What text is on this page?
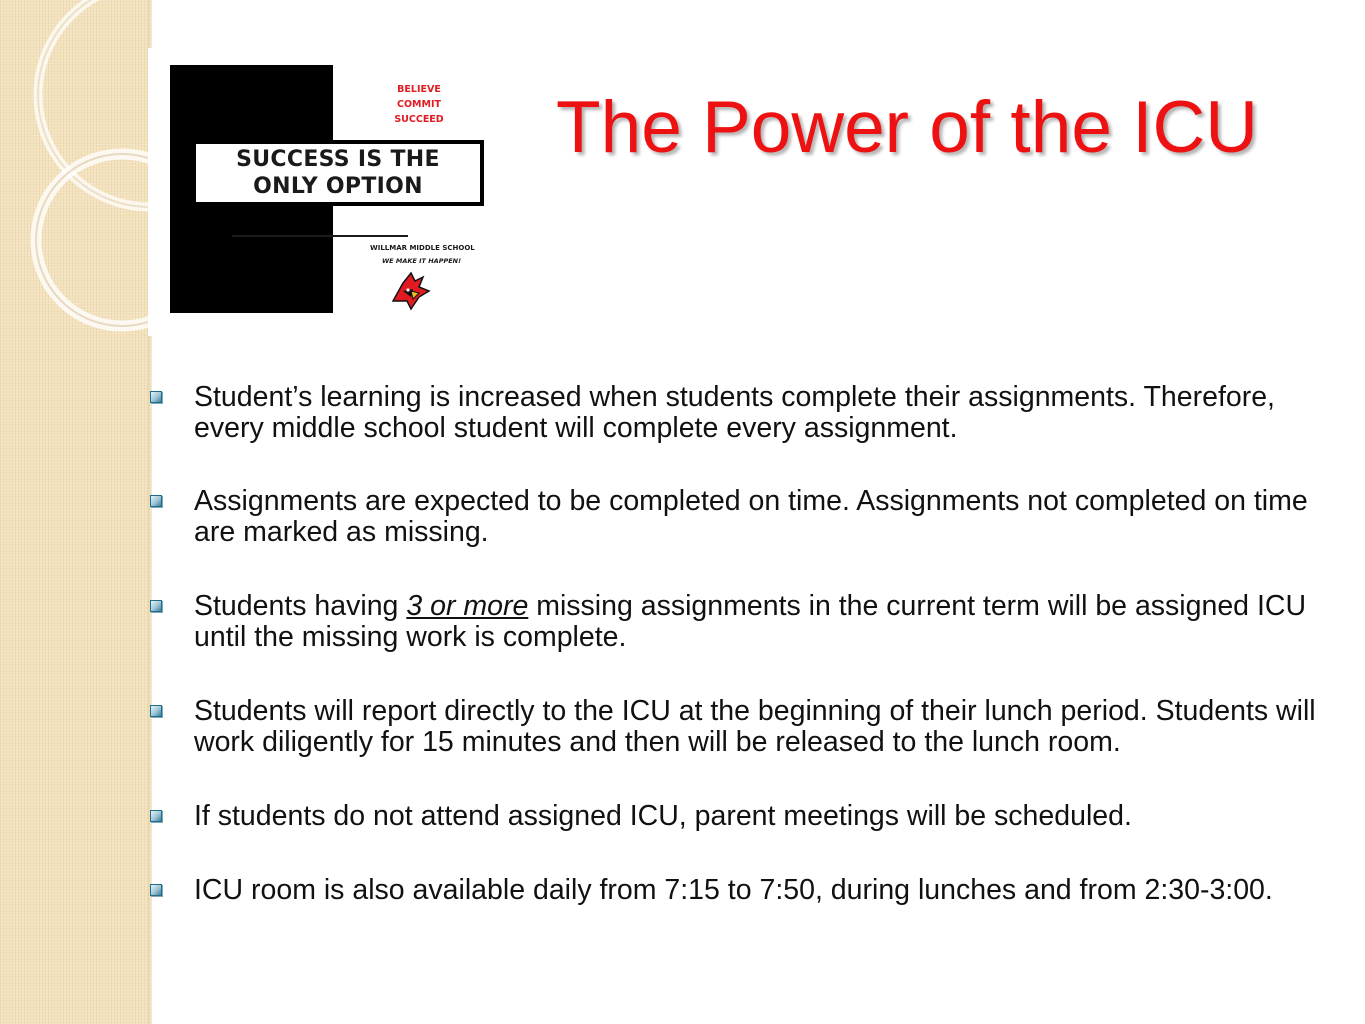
BELIEVE
COMMIT
SUCCEED
SUCCESS IS THE
ONLY OPTION
WILLMAR MIDDLE SCHOOL
WE MAKE IT HAPPEN!
The Power of the ICU
Student’s learning is increased when students complete their assignments. Therefore, every middle school student will complete every assignment.
Assignments are expected to be completed on time. Assignments not completed on time are marked as missing.
Students having 3 or more missing assignments in the current term will be assigned ICU until the missing work is complete.
Students will report directly to the ICU at the beginning of their lunch period. Students will work diligently for 15 minutes and then will be released to the lunch room.
If students do not attend assigned ICU, parent meetings will be scheduled.
ICU room is also available daily from 7:15 to 7:50, during lunches and from 2:30-3:00.
